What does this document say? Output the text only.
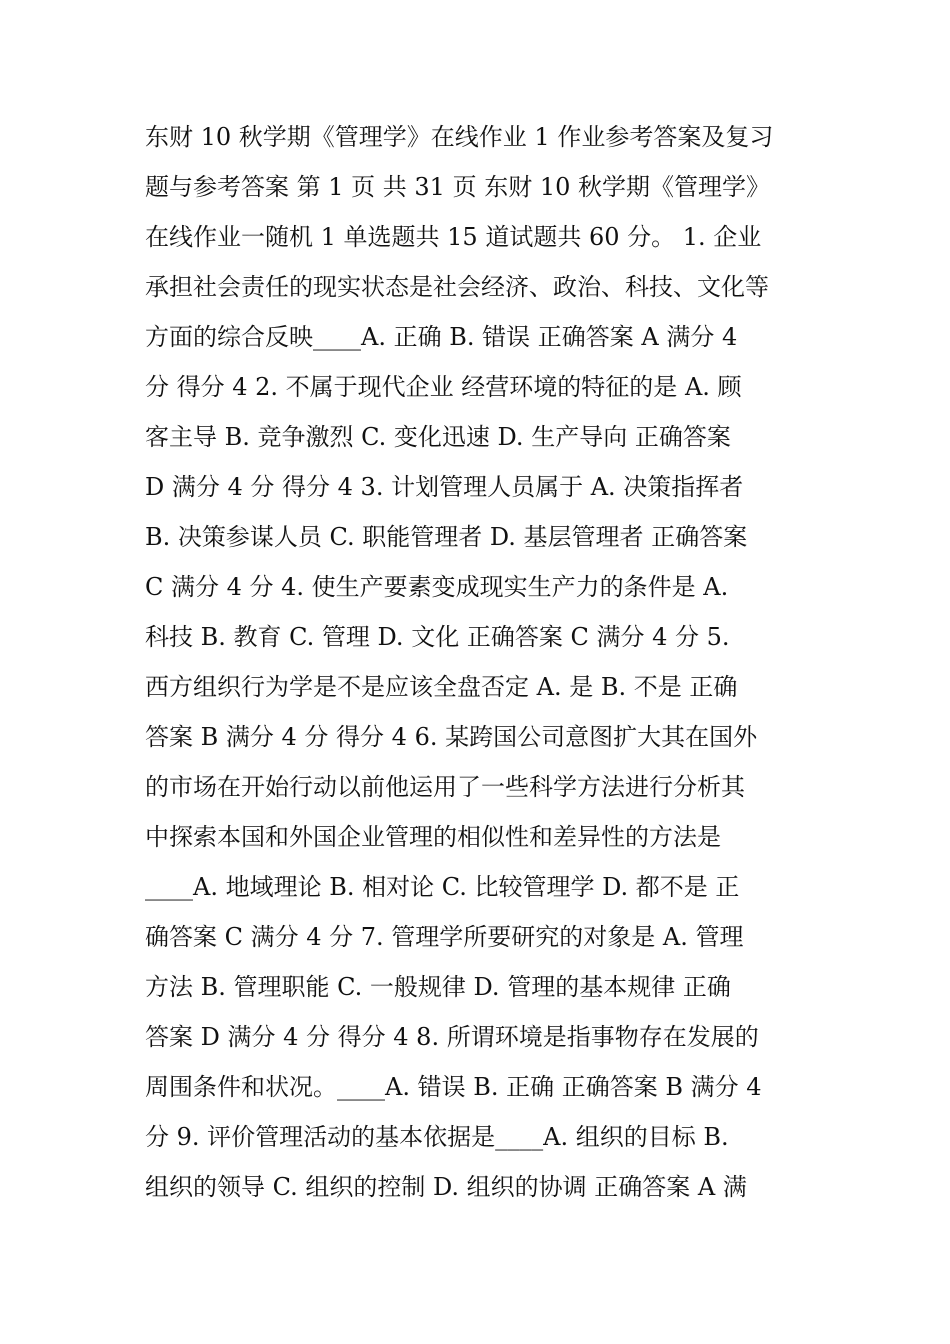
东财 10 秋学期《管理学》在线作业 1 作业参考答案及复习
题与参考答案 第 1 页 共 31 页 东财 10 秋学期《管理学》
在线作业一随机 1 单选题共 15 道试题共 60 分。 1. 企业
承担社会责任的现实状态是社会经济、政治、科技、文化等
方面的综合反映____A. 正确 B. 错误 正确答案 A 满分 4
分 得分 4 2. 不属于现代企业 经营环境的特征的是 A. 顾
客主导 B. 竞争激烈 C. 变化迅速 D. 生产导向 正确答案
D 满分 4 分 得分 4 3. 计划管理人员属于 A. 决策指挥者
B. 决策参谋人员 C. 职能管理者 D. 基层管理者 正确答案
C 满分 4 分 4. 使生产要素变成现实生产力的条件是 A.
科技 B. 教育 C. 管理 D. 文化 正确答案 C 满分 4 分 5.
西方组织行为学是不是应该全盘否定 A. 是 B. 不是 正确
答案 B 满分 4 分 得分 4 6. 某跨国公司意图扩大其在国外
的市场在开始行动以前他运用了一些科学方法进行分析其
中探索本国和外国企业管理的相似性和差异性的方法是
____A. 地域理论 B. 相对论 C. 比较管理学 D. 都不是 正
确答案 C 满分 4 分 7. 管理学所要研究的对象是 A. 管理
方法 B. 管理职能 C. 一般规律 D. 管理的基本规律 正确
答案 D 满分 4 分 得分 4 8. 所谓环境是指事物存在发展的
周围条件和状况。____A. 错误 B. 正确 正确答案 B 满分 4
分 9. 评价管理活动的基本依据是____A. 组织的目标 B.
组织的领导 C. 组织的控制 D. 组织的协调 正确答案 A 满
